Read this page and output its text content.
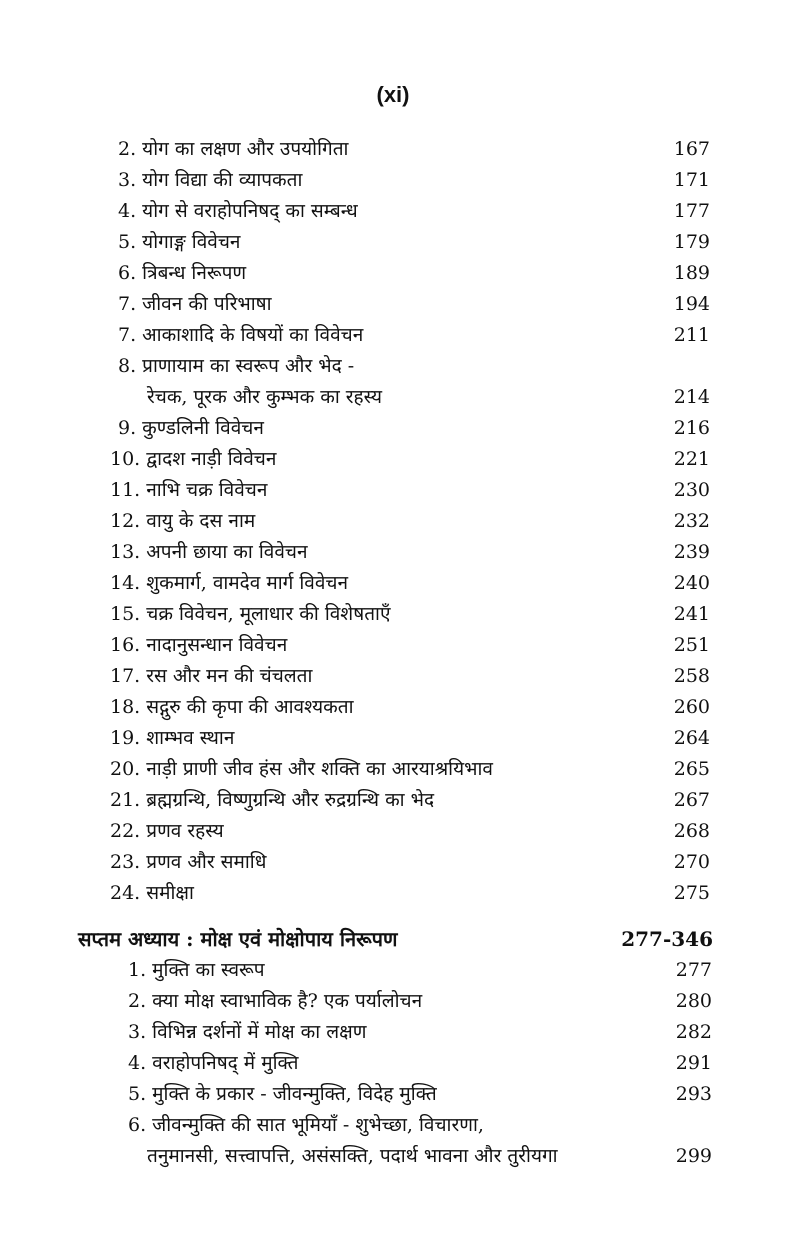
(xi)
2. योग का लक्षण और उपयोगिता	167
3. योग विद्या की व्यापकता	171
4. योग से वराहोपनिषद् का सम्बन्ध	177
5. योगाङ्ग विवेचन	179
6. त्रिबन्ध निरूपण	189
7. जीवन की परिभाषा	194
7. आकाशादि के विषयों का विवेचन	211
8. प्राणायाम का स्वरूप और भेद -
रेचक, पूरक और कुम्भक का रहस्य	214
9. कुण्डलिनी विवेचन	216
10. द्वादश नाड़ी विवेचन	221
11. नाभि चक्र विवेचन	230
12. वायु के दस नाम	232
13. अपनी छाया का विवेचन	239
14. शुकमार्ग, वामदेव मार्ग विवेचन	240
15. चक्र विवेचन, मूलाधार की विशेषताएँ	241
16. नादानुसन्धान विवेचन	251
17. रस और मन की चंचलता	258
18. सद्गुरु की कृपा की आवश्यकता	260
19. शाम्भव स्थान	264
20. नाड़ी प्राणी जीव हंस और शक्ति का आरयाश्रयिभाव	265
21. ब्रह्मग्रन्थि, विष्णुग्रन्थि और रुद्रग्रन्थि का भेद	267
22. प्रणव रहस्य	268
23. प्रणव और समाधि	270
24. समीक्षा	275
सप्तम अध्याय : मोक्ष एवं मोक्षोपाय निरूपण	277-346
1. मुक्ति का स्वरूप	277
2. क्या मोक्ष स्वाभाविक है? एक पर्यालोचन	280
3. विभिन्न दर्शनों में मोक्ष का लक्षण	282
4. वराहोपनिषद् में मुक्ति	291
5. मुक्ति के प्रकार - जीवन्मुक्ति, विदेह मुक्ति	293
6. जीवन्मुक्ति की सात भूमियाँ - शुभेच्छा, विचारणा,
तनुमानसी, सत्त्वापत्ति, असंसक्ति, पदार्थ भावना और तुरीयगा	299
